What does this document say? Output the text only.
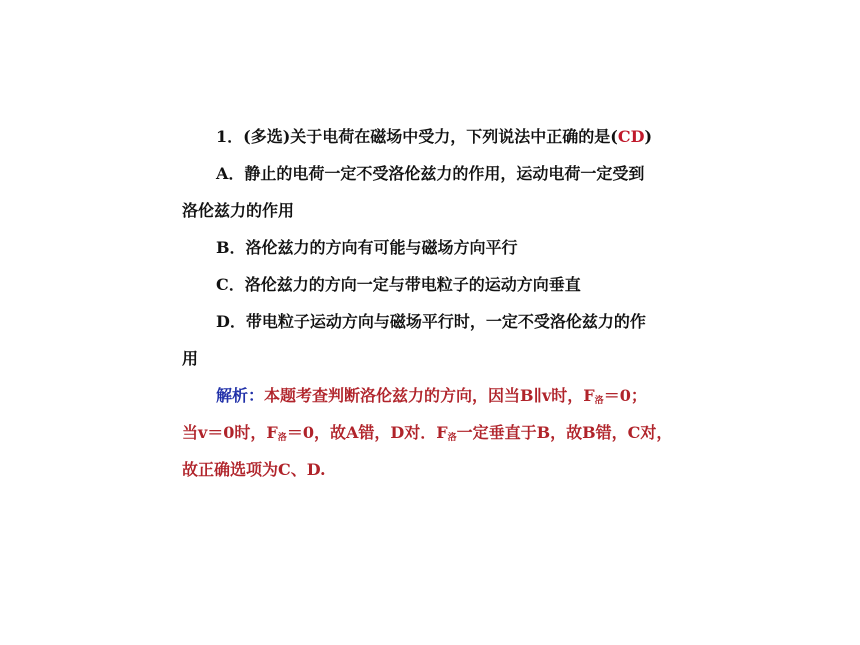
1．(多选)关于电荷在磁场中受力，下列说法中正确的是(CD)
A．静止的电荷一定不受洛伦兹力的作用，运动电荷一定受到
洛伦兹力的作用
B．洛伦兹力的方向有可能与磁场方向平行
C．洛伦兹力的方向一定与带电粒子的运动方向垂直
D．带电粒子运动方向与磁场平行时，一定不受洛伦兹力的作
用
解析：本题考查判断洛伦兹力的方向，因当B∥v时，$F_洛=0$；
当v＝0时，$F_洛=0$，故A错，D对．$F_洛$一定垂直于B，故B错，C对，
故正确选项为C、D.
